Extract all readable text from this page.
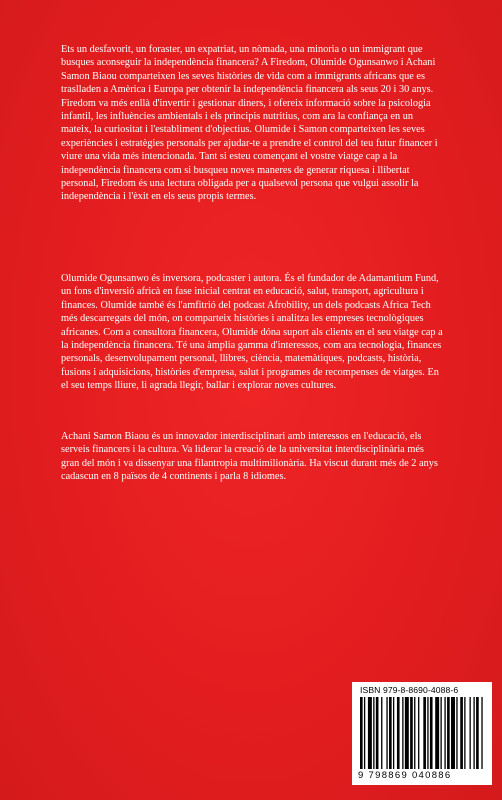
Ets un desfavorit, un foraster, un expatriat, un nòmada, una minoria o un immigrant que busques aconseguir la independència financera? A Firedom, Olumide Ogunsanwo i Achani Samon Biaou comparteixen les seves històries de vida com a immigrants africans que es traslladen a Amèrica i Europa per obtenir la independència financera als seus 20 i 30 anys. Firedom va més enllà d'invertir i gestionar diners, i ofereix informació sobre la psicologia infantil, les influències ambientals i els principis nutritius, com ara la confiança en un mateix, la curiositat i l'establiment d'objectius. Olumide i Samon comparteixen les seves experiències i estratègies personals per ajudar-te a prendre el control del teu futur financer i viure una vida més intencionada. Tant si esteu començant el vostre viatge cap a la independència financera com si busqueu noves maneres de generar riquesa i llibertat personal, Firedom és una lectura obligada per a qualsevol persona que vulgui assolir la independència i l'èxit en els seus propis termes.

Olumide Ogunsanwo és inversora, podcaster i autora. És el fundador de Adamantium Fund, un fons d'inversió africà en fase inicial centrat en educació, salut, transport, agricultura i finances. Olumide també és l'amfitrió del podcast Afrobility, un dels podcasts Africa Tech més descarregats del món, on comparteix històries i analitza les empreses tecnològiques africanes. Com a consultora financera, Olumide dóna suport als clients en el seu viatge cap a la independència financera. Té una àmplia gamma d'interessos, com ara tecnologia, finances personals, desenvolupament personal, llibres, ciència, matemàtiques, podcasts, història, fusions i adquisicions, històries d'empresa, salut i programes de recompenses de viatges. En el seu temps lliure, li agrada llegir, ballar i explorar noves cultures.

Achani Samon Biaou és un innovador interdisciplinari amb interessos en l'educació, els serveis financers i la cultura. Va liderar la creació de la universitat interdisciplinària més gran del món i va dissenyar una filantropia multimilionària. Ha viscut durant més de 2 anys cadascun en 8 països de 4 continents i parla 8 idiomes.

ISBN 979-8-8690-4088-6
9 798869 040886
